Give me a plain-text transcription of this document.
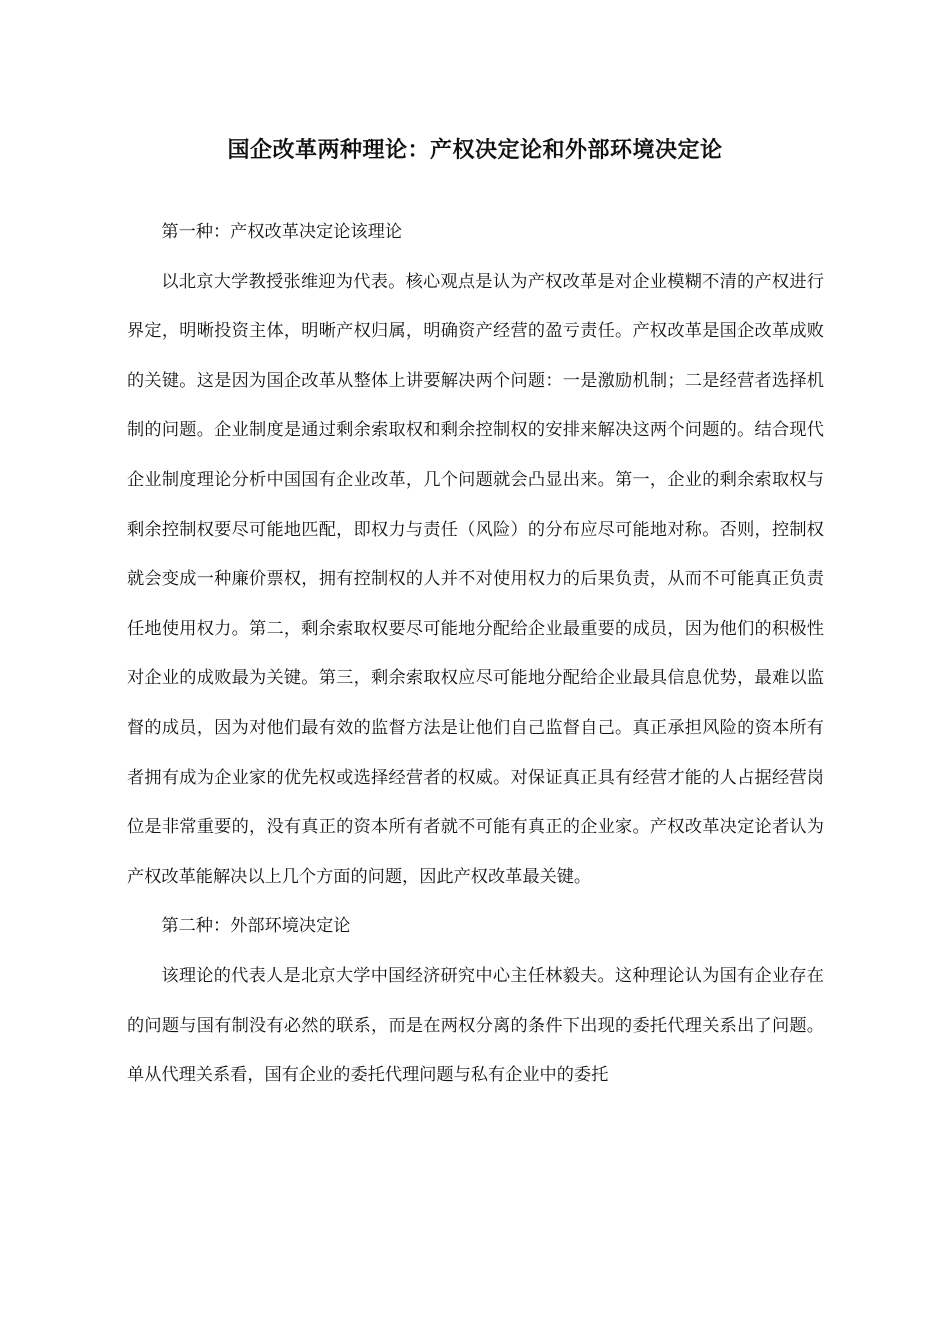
国企改革两种理论：产权决定论和外部环境决定论

第一种：产权改革决定论该理论

以北京大学教授张维迎为代表。核心观点是认为产权改革是对企业模糊不清的产权进行界定，明晰投资主体，明晰产权归属，明确资产经营的盈亏责任。产权改革是国企改革成败的关键。这是因为国企改革从整体上讲要解决两个问题：一是激励机制；二是经营者选择机制的问题。企业制度是通过剩余索取权和剩余控制权的安排来解决这两个问题的。结合现代企业制度理论分析中国国有企业改革，几个问题就会凸显出来。第一，企业的剩余索取权与剩余控制权要尽可能地匹配，即权力与责任（风险）的分布应尽可能地对称。否则，控制权就会变成一种廉价票权，拥有控制权的人并不对使用权力的后果负责，从而不可能真正负责任地使用权力。第二，剩余索取权要尽可能地分配给企业最重要的成员，因为他们的积极性对企业的成败最为关键。第三，剩余索取权应尽可能地分配给企业最具信息优势，最难以监督的成员，因为对他们最有效的监督方法是让他们自己监督自己。真正承担风险的资本所有者拥有成为企业家的优先权或选择经营者的权威。对保证真正具有经营才能的人占据经营岗位是非常重要的，没有真正的资本所有者就不可能有真正的企业家。产权改革决定论者认为产权改革能解决以上几个方面的问题，因此产权改革最关键。

第二种：外部环境决定论

该理论的代表人是北京大学中国经济研究中心主任林毅夫。这种理论认为国有企业存在的问题与国有制没有必然的联系，而是在两权分离的条件下出现的委托代理关系出了问题。单从代理关系看，国有企业的委托代理问题与私有企业中的委托
